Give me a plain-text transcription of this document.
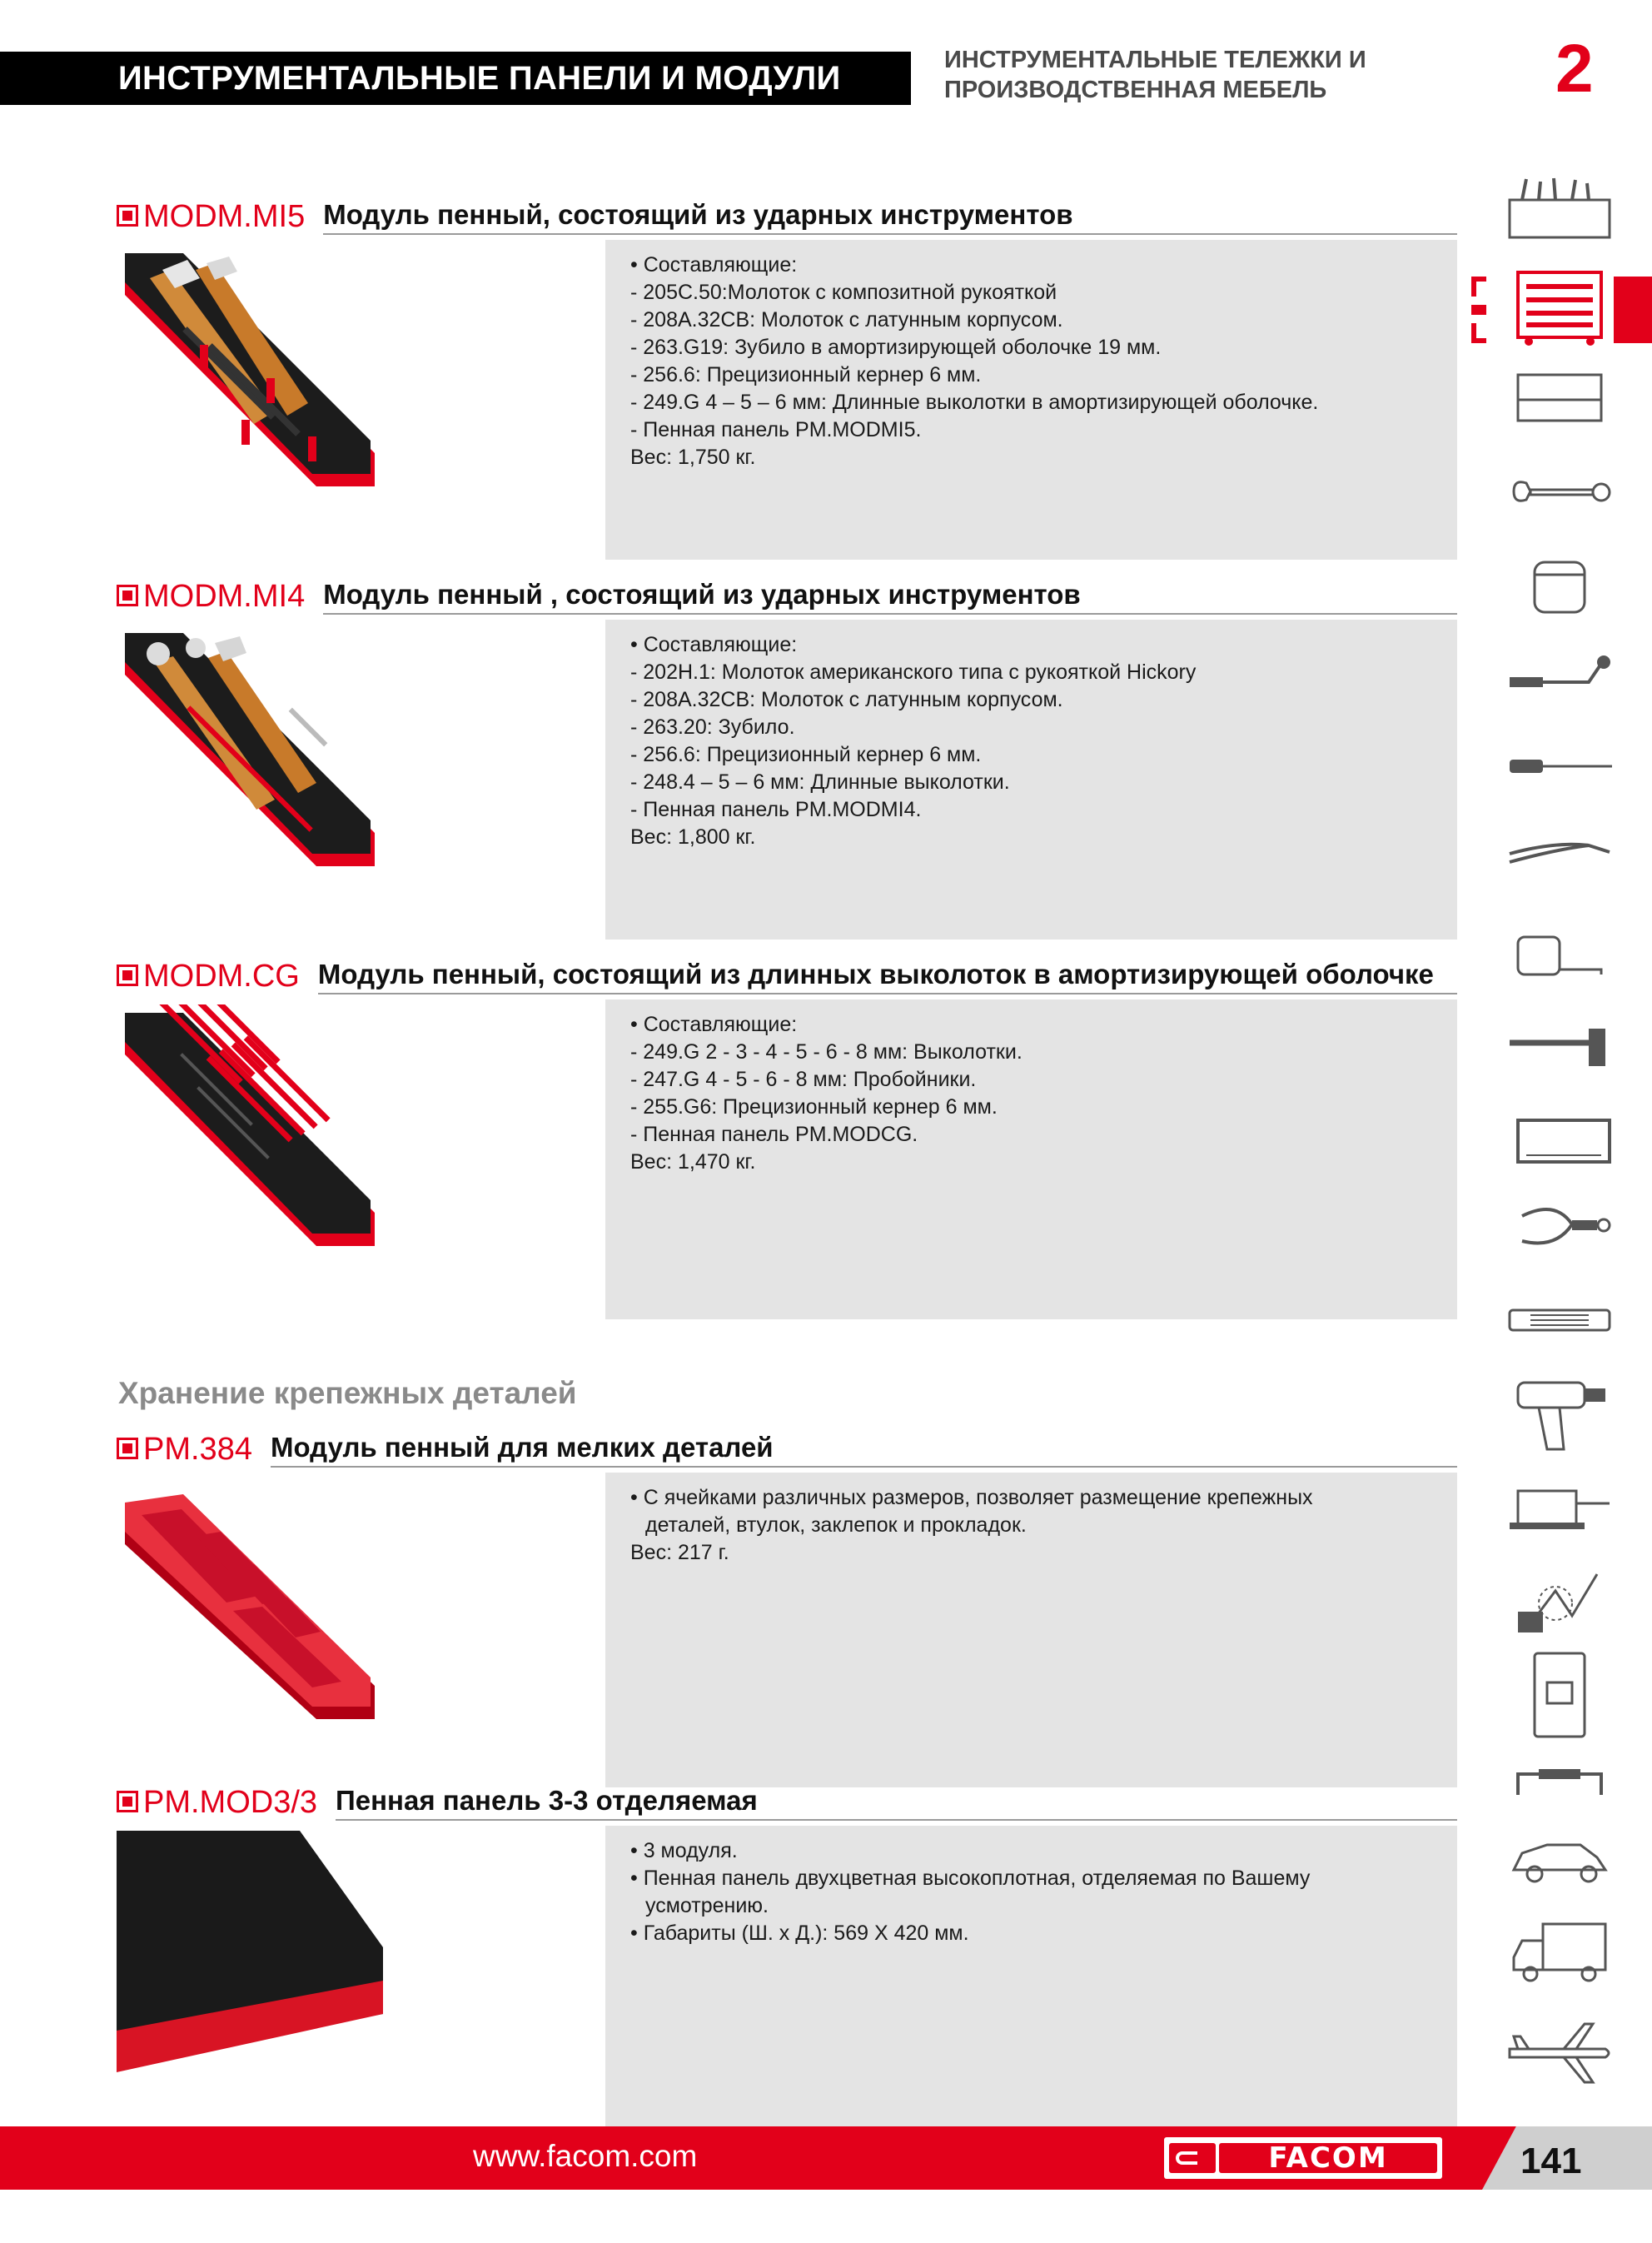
ИНСТРУМЕНТАЛЬНЫЕ ПАНЕЛИ И МОДУЛИ	ИНСТРУМЕНТАЛЬНЫЕ ТЕЛЕЖКИ И
ПРОИЗВОДСТВЕННАЯ МЕБЕЛЬ	2
MODM.MI5 Модуль пенный, состоящий из ударных инструментов
• Составляющие:
- 205C.50:Молоток с композитной рукояткой
- 208A.32CB: Молоток с латунным корпусом.
- 263.G19: Зубило в амортизирующей оболочке 19 мм.
- 256.6: Прецизионный кернер 6 мм.
- 249.G 4 – 5 – 6 мм: Длинные выколотки в амортизирующей оболочке.
- Пенная панель PM.MODMI5.
Вес: 1,750 кг.
MODM.MI4 Модуль пенный , состоящий из ударных инструментов
• Составляющие:
- 202H.1: Молоток американского типа с рукояткой Hickory
- 208A.32CB: Молоток с латунным корпусом.
- 263.20: Зубило.
- 256.6: Прецизионный кернер 6 мм.
- 248.4 – 5 – 6 мм: Длинные выколотки.
- Пенная панель PM.MODMI4.
Вес: 1,800 кг.
MODM.CG Модуль пенный, состоящий из длинных выколоток в амортизирующей оболочке
• Составляющие:
- 249.G 2 - 3 - 4 - 5 - 6 - 8 мм: Выколотки.
- 247.G 4 - 5 - 6 - 8 мм: Пробойники.
- 255.G6: Прецизионный кернер 6 мм.
- Пенная панель PM.MODCG.
Вес: 1,470 кг.
Хранение крепежных деталей
PM.384 Модуль пенный для мелких деталей
• С ячейками различных размеров, позволяет размещение крепежных
деталей, втулок, заклепок и прокладок.
Вес: 217 г.
PM.MOD3/3 Пенная панель 3-3 отделяемая
• 3 модуля.
• Пенная панель двухцветная высокоплотная, отделяемая по Вашему
усмотрению.
• Габариты (Ш. x Д.): 569 X 420 мм.
www.facom.com	FACOM	141
